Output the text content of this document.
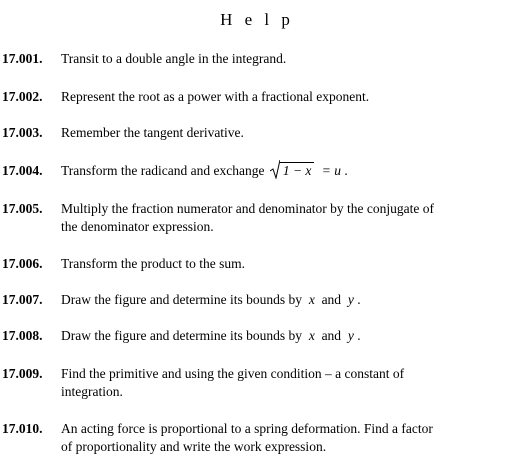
H e l p
17.001. Transit to a double angle in the integrand.
17.002. Represent the root as a power with a fractional exponent.
17.003. Remember the tangent derivative.
17.004. Transform the radicand and exchange 1 − x = u .
17.005. Multiply the fraction numerator and denominator by the conjugate of
the denominator expression.
17.006. Transform the product to the sum.
17.007. Draw the figure and determine its bounds by x and y .
17.008. Draw the figure and determine its bounds by x and y .
17.009. Find the primitive and using the given condition – a constant of
integration.
17.010. An acting force is proportional to a spring deformation. Find a factor
of proportionality and write the work expression.
